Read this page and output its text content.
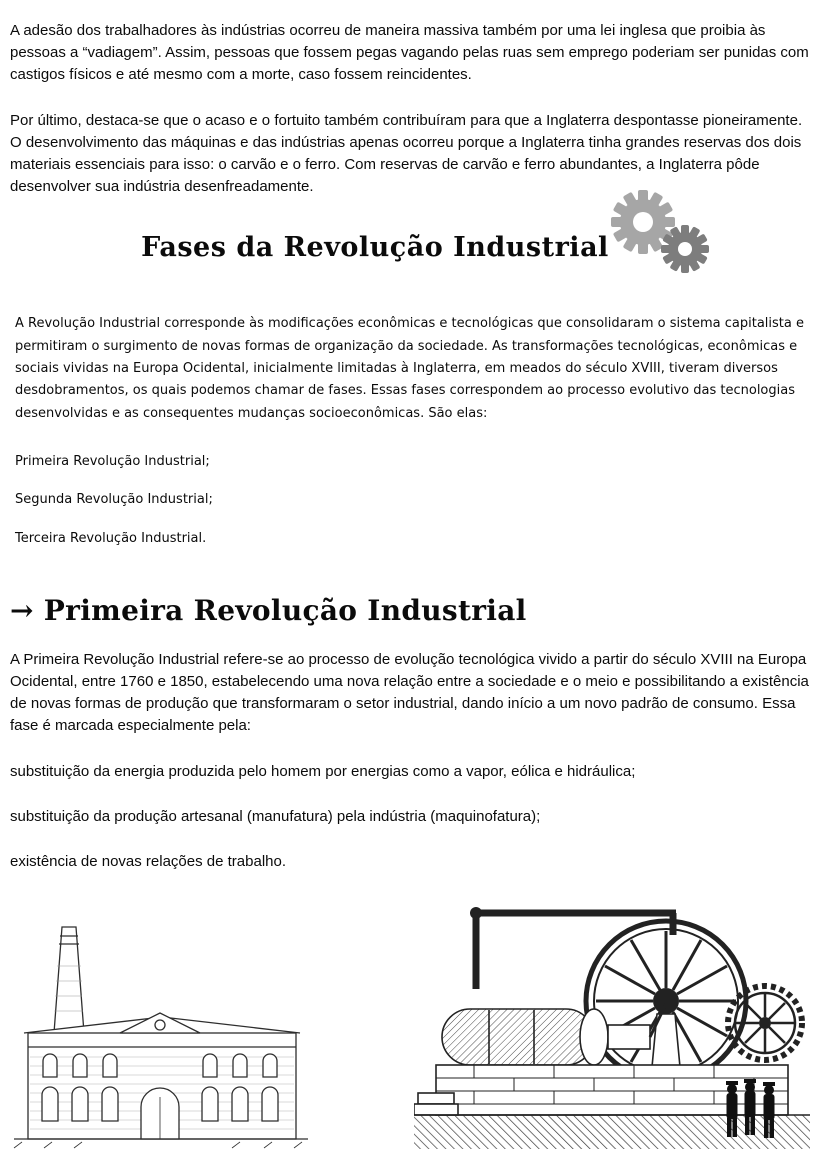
A adesão dos trabalhadores às indústrias ocorreu de maneira massiva também por uma lei inglesa que proibia às pessoas a “vadiagem”. Assim, pessoas que fossem pegas vagando pelas ruas sem emprego poderiam ser punidas com castigos físicos e até mesmo com a morte, caso fossem reincidentes.

Por último, destaca-se que o acaso e o fortuito também contribuíram para que a Inglaterra despontasse pioneiramente. O desenvolvimento das máquinas e das indústrias apenas ocorreu porque a Inglaterra tinha grandes reservas dos dois materiais essenciais para isso: o carvão e o ferro. Com reservas de carvão e ferro abundantes, a Inglaterra pôde desenvolver sua indústria desenfreadamente.

Fases da Revolução Industrial

A Revolução Industrial corresponde às modificações econômicas e tecnológicas que consolidaram o sistema capitalista e permitiram o surgimento de novas formas de organização da sociedade. As transformações tecnológicas, econômicas e sociais vividas na Europa Ocidental, inicialmente limitadas à Inglaterra, em meados do século XVIII, tiveram diversos desdobramentos, os quais podemos chamar de fases. Essas fases correspondem ao processo evolutivo das tecnologias desenvolvidas e as consequentes mudanças socioeconômicas. São elas:

Primeira Revolução Industrial;

Segunda Revolução Industrial;

Terceira Revolução Industrial.

→ Primeira Revolução Industrial

A Primeira Revolução Industrial refere-se ao processo de evolução tecnológica vivido a partir do século XVIII na Europa Ocidental, entre 1760 e 1850, estabelecendo uma nova relação entre a sociedade e o meio e possibilitando a existência de novas formas de produção que transformaram o setor industrial, dando início a um novo padrão de consumo. Essa fase é marcada especialmente pela:

substituição da energia produzida pelo homem por energias como a vapor, eólica e hidráulica;

substituição da produção artesanal (manufatura) pela indústria (maquinofatura);

existência de novas relações de trabalho.
